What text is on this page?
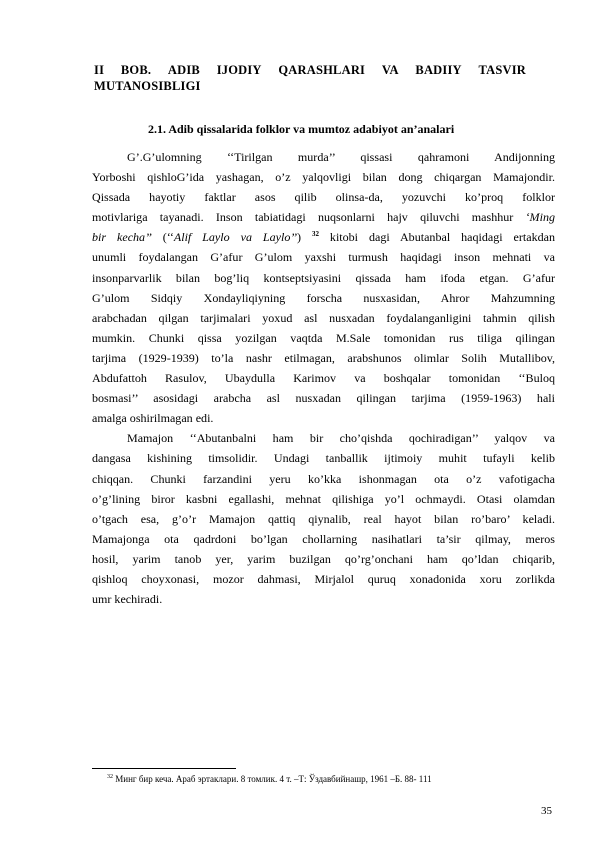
II BOB. ADIB IJODIY QARASHLARI VA BADIIY TASVIR
MUTANOSIBLIGI
2.1. Adib qissalarida folklor va mumtoz adabiyot an’analari
G’.G’ulomning ‘‘Tirilgan murda’’ qissasi qahramoni Andijonning
Yorboshi qishloG’ida yashagan, o’z yalqovligi bilan dong chiqargan Mamajondir.
Qissada hayotiy faktlar asos qilib olinsa-da, yozuvchi ko’proq folklor
motivlariga tayanadi. Inson tabiatidagi nuqsonlarni hajv qiluvchi mashhur ‘Ming
bir kecha’’ (‘‘Alif Laylo va Laylo’’) $^{32}$ kitobi dagi Abutanbal haqidagi ertakdan
unumli foydalangan G’afur G’ulom yaxshi turmush haqidagi inson mehnati va
insonparvarlik bilan bog’liq kontseptsiyasini qissada ham ifoda etgan. G’afur
G’ulom Sidqiy Xondayliqiyning forscha nusxasidan, Ahror Mahzumning
arabchadan qilgan tarjimalari yoxud asl nusxadan foydalanganligini tahmin qilish
mumkin. Chunki qissa yozilgan vaqtda M.Sale tomonidan rus tiliga qilingan
tarjima (1929-1939) to’la nashr etilmagan, arabshunos olimlar Solih Mutallibov,
Abdufattoh Rasulov, Ubaydulla Karimov va boshqalar tomonidan ‘‘Buloq
bosmasi’’ asosidagi arabcha asl nusxadan qilingan tarjima (1959-1963) hali
amalga oshirilmagan edi.
Mamajon ‘‘Abutanbalni ham bir cho’qishda qochiradigan’’ yalqov va
dangasa kishining timsolidir. Undagi tanballik ijtimoiy muhit tufayli kelib
chiqqan. Chunki farzandini yeru ko’kka ishonmagan ota o’z vafotigacha
o’g’lining biror kasbni egallashi, mehnat qilishiga yo’l ochmaydi. Otasi olamdan
o’tgach esa, g’o’r Mamajon qattiq qiynalib, real hayot bilan ro’baro’ keladi.
Mamajonga ota qadrdoni bo’lgan chollarning nasihatlari ta’sir qilmay, meros
hosil, yarim tanob yer, yarim buzilgan qo’rg’onchani ham qo’ldan chiqarib,
qishloq choyxonasi, mozor dahmasi, Mirjalol quruq xonadonida xoru zorlikda
umr kechiradi.
$^{32}$ Минг бир кеча. Араб эртаклари. 8 томлик. 4 т. –Т: Ўздавбийнашр, 1961 –Б. 88- 111
35
